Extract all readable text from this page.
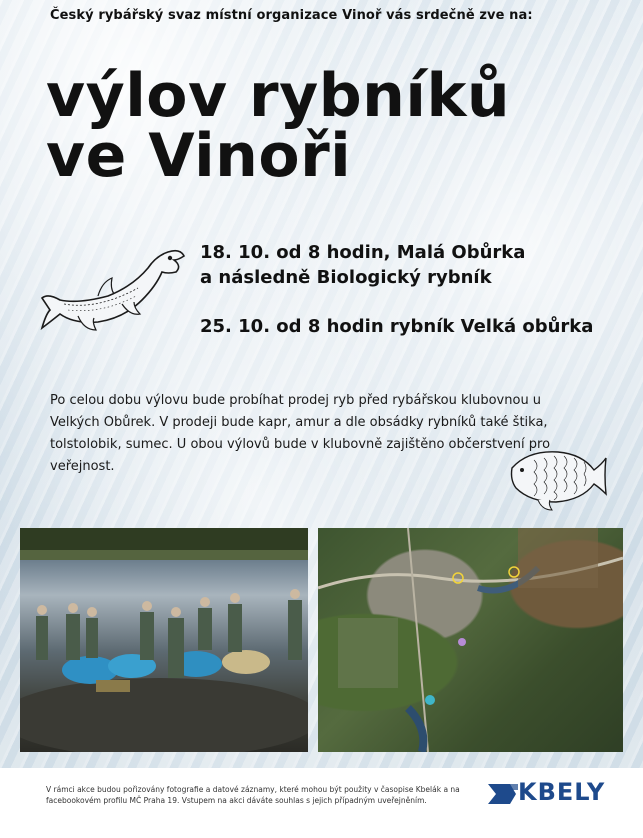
Český rybářský svaz místní organizace Vinoř vás srdečně zve na:
výlov rybníků
ve Vinoři
18. 10. od 8 hodin, Malá Obůrka
a následně Biologický rybník
25. 10. od 8 hodin rybník Velká obůrka

Po celou dobu výlovu bude probíhat prodej ryb před rybářskou klubovnou u Velkých Obůrek. V prodeji bude kapr, amur a dle obsádky rybníků také štika, tolstolobik, sumec. U obou výlovů bude v klubovně zajištěno občerstvení pro veřejnost.

V rámci akce budou pořizovány fotografie a datové záznamy, které mohou být použity v časopise Kbelák a na facebookovém profilu MČ Praha 19. Vstupem na akci dáváte souhlas s jejich případným uveřejněním.	KBELY
